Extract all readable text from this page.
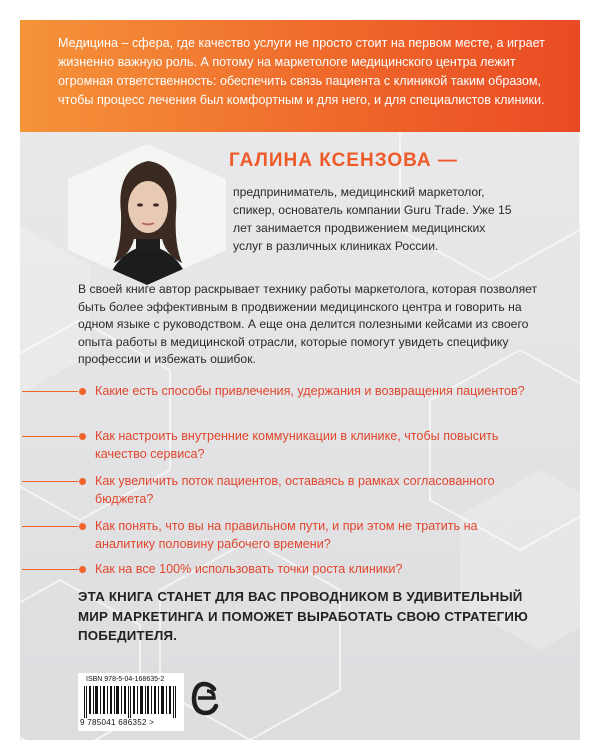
Медицина – сфера, где качество услуги не просто стоит на первом месте, а играет жизненно важную роль. А потому на маркетологе медицинского центра лежит огромная ответственность: обеспечить связь пациента с клиникой таким образом, чтобы процесс лечения был комфортным и для него, и для специалистов клиники.

ГАЛИНА КСЕНЗОВА —

предприниматель, медицинский маркетолог, спикер, основатель компании Guru Trade. Уже 15 лет занимается продвижением медицинских услуг в различных клиниках России.

В своей книге автор раскрывает технику работы маркетолога, которая позволяет быть более эффективным в продвижении медицинского центра и говорить на одном языке с руководством. А еще она делится полезными кейсами из своего опыта работы в медицинской отрасли, которые помогут увидеть специфику профессии и избежать ошибок.

Какие есть способы привлечения, удержания и возвращения пациентов?

Как настроить внутренние коммуникации в клинике, чтобы повысить качество сервиса?

Как увеличить поток пациентов, оставаясь в рамках согласованного бюджета?

Как понять, что вы на правильном пути, и при этом не тратить на аналитику половину рабочего времени?

Как на все 100% использовать точки роста клиники?

ЭТА КНИГА СТАНЕТ ДЛЯ ВАС ПРОВОДНИКОМ В УДИВИТЕЛЬНЫЙ МИР МАРКЕТИНГА И ПОМОЖЕТ ВЫРАБОТАТЬ СВОЮ СТРАТЕГИЮ ПОБЕДИТЕЛЯ.

ISBN 978-5-04-168635-2
9 785041 686352 >
